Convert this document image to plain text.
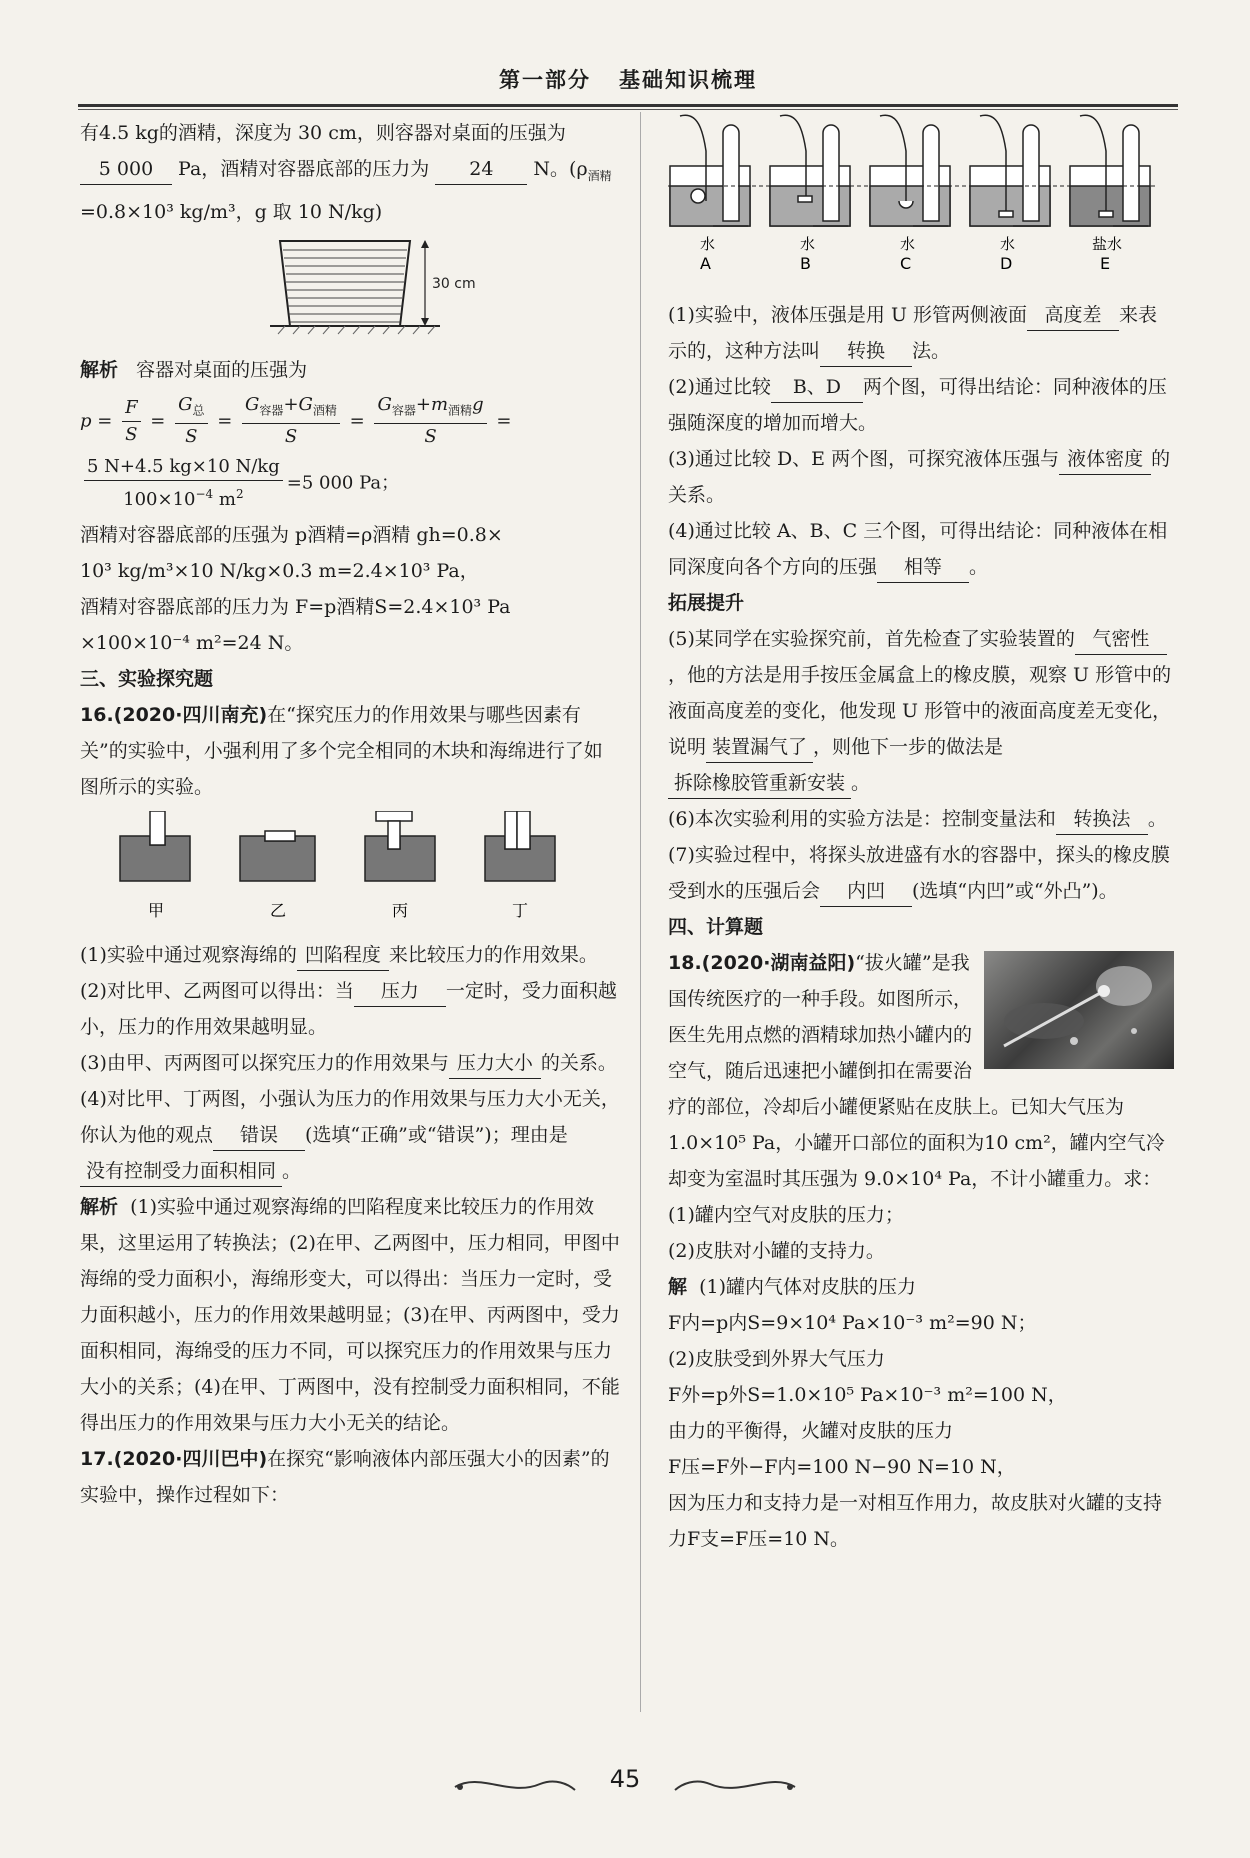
第一部分 基础知识梳理

有4.5 kg的酒精，深度为 30 cm，则容器对桌面的压强为 5 000 Pa，酒精对容器底部的压力为 24 N。($\rho_{酒精}=0.8\times 10^3$ kg/m³，g 取 10 N/kg)

30 cm

解析 容器对桌面的压强为

$p = \frac{F}{S} = \frac{G_总}{S} = \frac{G_{容器}+G_{酒精}}{S} = \frac{G_{容器}+m_{酒精}g}{S}$ =
$\frac{5 N+4.5 kg\times 10 N/kg}{100\times 10^{-4} m^2} =5$ 000 Pa；

酒精对容器底部的压强为 p酒精=ρ酒精 gh=0.8×

10³ kg/m³×10 N/kg×0.3 m=2.4×10³ Pa，

酒精对容器底部的压力为 F=p酒精S=2.4×10³ Pa

×100×10⁻⁴ m²=24 N。

三、实验探究题

16.(2020·四川南充)在“探究压力的作用效果与哪些因素有关”的实验中，小强利用了多个完全相同的木块和海绵进行了如图所示的实验。

甲	乙	丙	丁

(1)实验中通过观察海绵的 凹陷程度 来比较压力的作用效果。

(2)对比甲、乙两图可以得出：当 压力 一定时，受力面积越小，压力的作用效果越明显。

(3)由甲、丙两图可以探究压力的作用效果与 压力大小 的关系。

(4)对比甲、丁两图，小强认为压力的作用效果与压力大小无关，你认为他的观点 错误 (选填“正确”或“错误”)；理由是没有控制受力面积相同 。

解析 (1)实验中通过观察海绵的凹陷程度来比较压力的作用效果，这里运用了转换法；(2)在甲、乙两图中，压力相同，甲图中海绵的受力面积小，海绵形变大，可以得出：当压力一定时，受力面积越小，压力的作用效果越明显；(3)在甲、丙两图中，受力面积相同，海绵受的压力不同，可以探究压力的作用效果与压力大小的关系；(4)在甲、丁两图中，没有控制受力面积相同，不能得出压力的作用效果与压力大小无关的结论。

17.(2020·四川巴中)在探究“影响液体内部压强大小的因素”的实验中，操作过程如下：

水	水	水	水	盐水
A	B	C	D	E

(1)实验中，液体压强是用 U 形管两侧液面 高度差 来表示的，这种方法叫 转换 法。

(2)通过比较 B、D 两个图，可得出结论：同种液体的压强随深度的增加而增大。

(3)通过比较 D、E 两个图，可探究液体压强与 液体密度 的关系。

(4)通过比较 A、B、C 三个图，可得出结论：同种液体在相同深度向各个方向的压强 相等 。

拓展提升

(5)某同学在实验探究前，首先检查了实验装置的 气密性，他的方法是用手按压金属盒上的橡皮膜，观察 U 形管中的液面高度差的变化，他发现 U 形管中的液面高度差无变化，说明 装置漏气了 ，则他下一步的做法是拆除橡胶管重新安装 。

(6)本次实验利用的实验方法是：控制变量法和 转换法 。

(7)实验过程中，将探头放进盛有水的容器中，探头的橡皮膜受到水的压强后会 内凹 (选填“内凹”或“外凸”)。

四、计算题

18.(2020·湖南益阳)“拔火罐”是我国传统医疗的一种手段。如图所示，医生先用点燃的酒精球加热小罐内的空气，随后迅速把小罐倒扣在需要治疗的部位，冷却后小罐便紧贴在皮肤上。已知大气压为 1.0×10⁵ Pa，小罐开口部位的面积为10 cm²，罐内空气冷却变为室温时其压强为 9.0×10⁴ Pa，不计小罐重力。求：

(1)罐内空气对皮肤的压力；

(2)皮肤对小罐的支持力。

解 (1)罐内气体对皮肤的压力

F内=p内S=9×10⁴ Pa×10⁻³ m²=90 N；

(2)皮肤受到外界大气压力

F外=p外S=1.0×10⁵ Pa×10⁻³ m²=100 N，

由力的平衡得，火罐对皮肤的压力

F压=F外−F内=100 N−90 N=10 N，

因为压力和支持力是一对相互作用力，故皮肤对火罐的支持力F支=F压=10 N。

45
